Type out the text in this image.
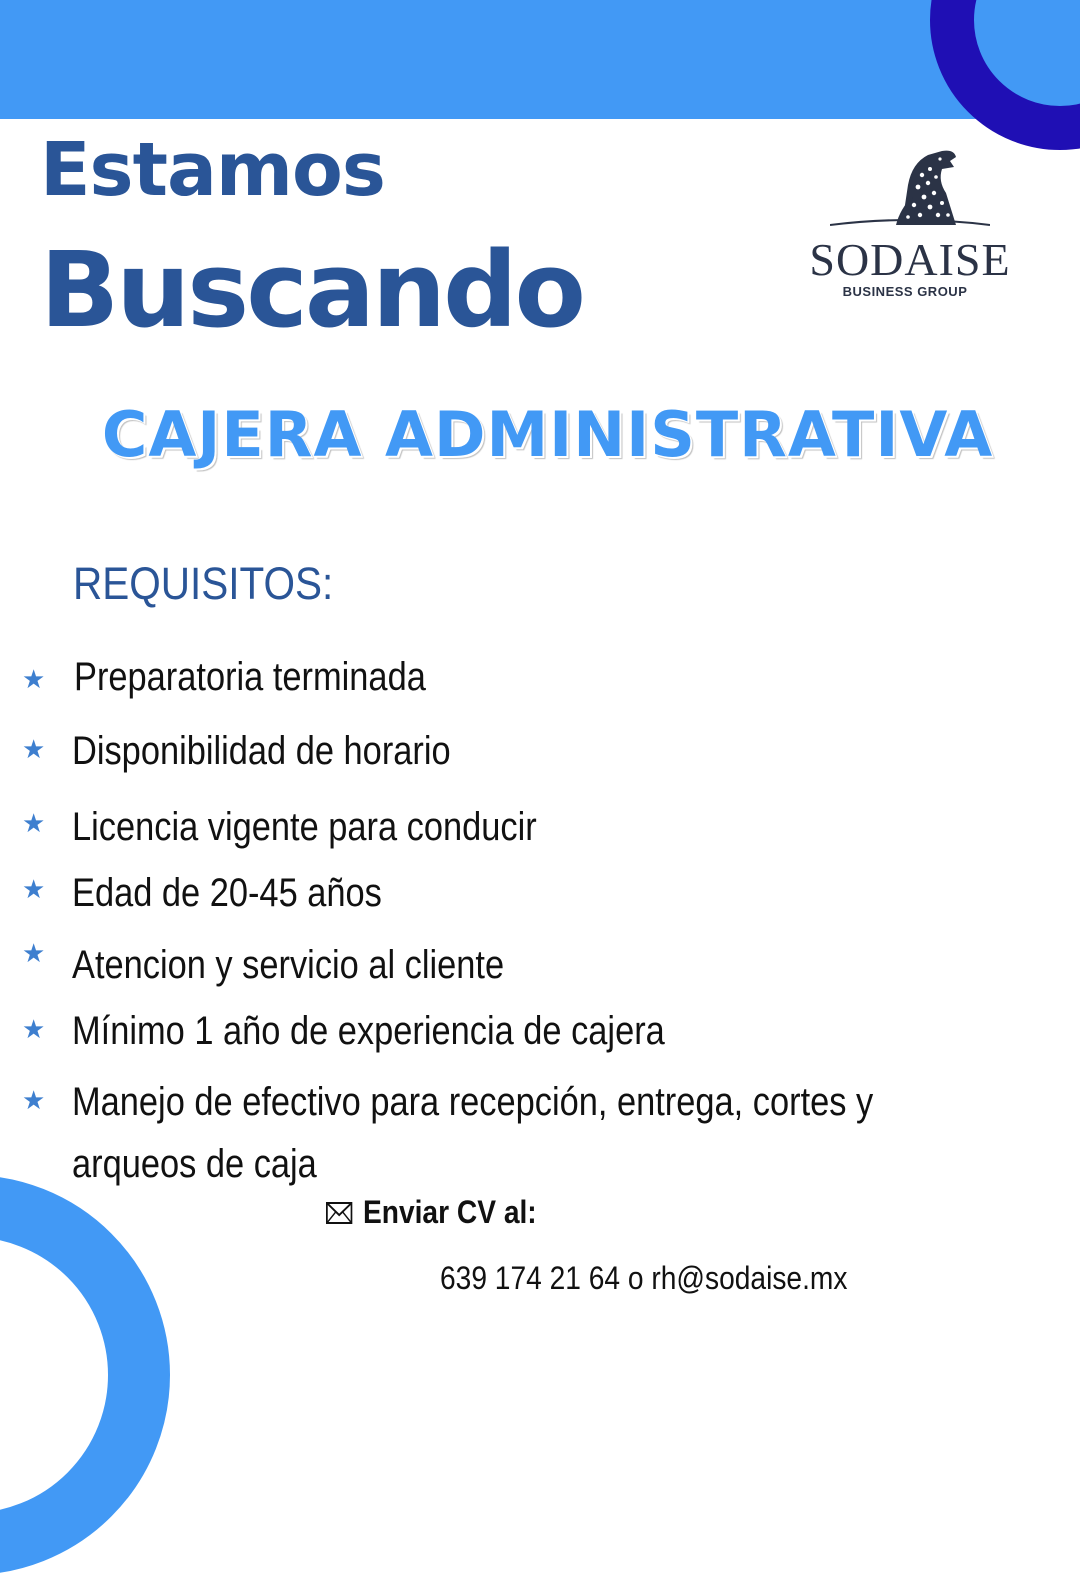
Estamos
Buscando	SODAISE
BUSINESS GROUP
CAJERA ADMINISTRATIVA
REQUISITOS:
★ Preparatoria terminada
★ Disponibilidad de horario
★ Licencia vigente para conducir
★ Edad de 20-45 años
★ Atencion y servicio al cliente
★ Mínimo 1 año de experiencia de cajera
★ Manejo de efectivo para recepción, entrega, cortes y arqueos de caja
Enviar CV al:
639 174 21 64 o rh@sodaise.mx
